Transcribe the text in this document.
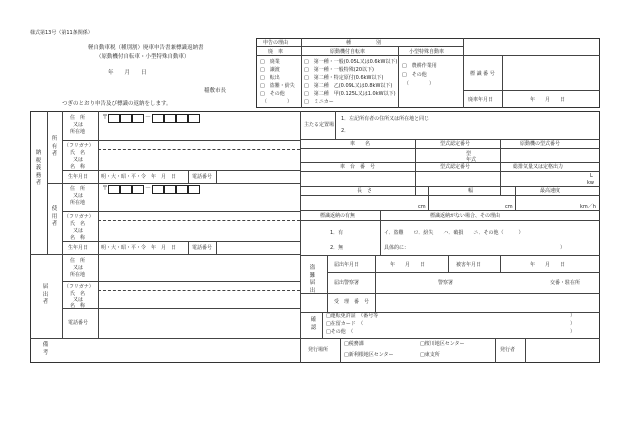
様式第13号（第11条関係）
軽自動車税（種別割）廃車申告書兼標識返納書
（原動機付自転車・小型特殊自動車）
年　　月　　日
稲敷市長
つぎのとおり申告及び標識の返納をします。
申告の理由	種　　　　　別
廃　車	原動機付自転車	小型特殊自動車
□　廃業
□　譲渡
□　転出
□　盗難・紛失
□　その他
（　　　　）
□　第一種・一般(0.05L又は0.6kW以下)
□　第一種・一般特殊(20以下)
□　第二種・特定原付(0.6kW以下)
□　第二種　乙(0.09L又は0.8kW以下)
□　第二種　甲(0.125L又は1.0kW以下)
□　ミニカー
□　農耕作業用
□　その他
（　　　　）
標 識 番 号
廃車年月日	年　　月　　日
納税義務者
所有者
使用者
届出者
備考
住　所
又は
所在地
〒	－
（フリガナ）
氏　名
又は
名　称
生年月日	明・大・昭・平・令　年　月　日	電話番号
住　所
又は
所在地
〒	－
（フリガナ）
氏　名
又は
名　称
生年月日	明・大・昭・平・令　年　月　日	電話番号
住　所
又は
所在地
（フリガナ）
氏　名
又は
名　称
電話番号
主たる定置場
1．左記所有者の住所又は所在地と同じ
2．
車　　名	型式認定番号	原動機の型式番号
型
年式
車　台　番　号	型式認定番号	総排気量又は定格出力
L
kw
長　さ	幅	最高速度
cm	cm	km／h
標識返納の有無	標識返納がない場合、その理由
1．有
2．無
イ．盗難　　ロ．紛失　　ハ．破損　　ニ．その他（　　　）
具体的に：	）
盗難届出
届出年月日	年　　月　　日	被害年月日	年　　月　　日
届出警察署	警察署	交番・駐在所
受　理　番　号
確認
□運転免許証　（番号等
□在留カード　（
□その他　（
）
）
）
発行場所
□税務課	□桜川地区センター
□新利根地区センター	□東支所
発行者
